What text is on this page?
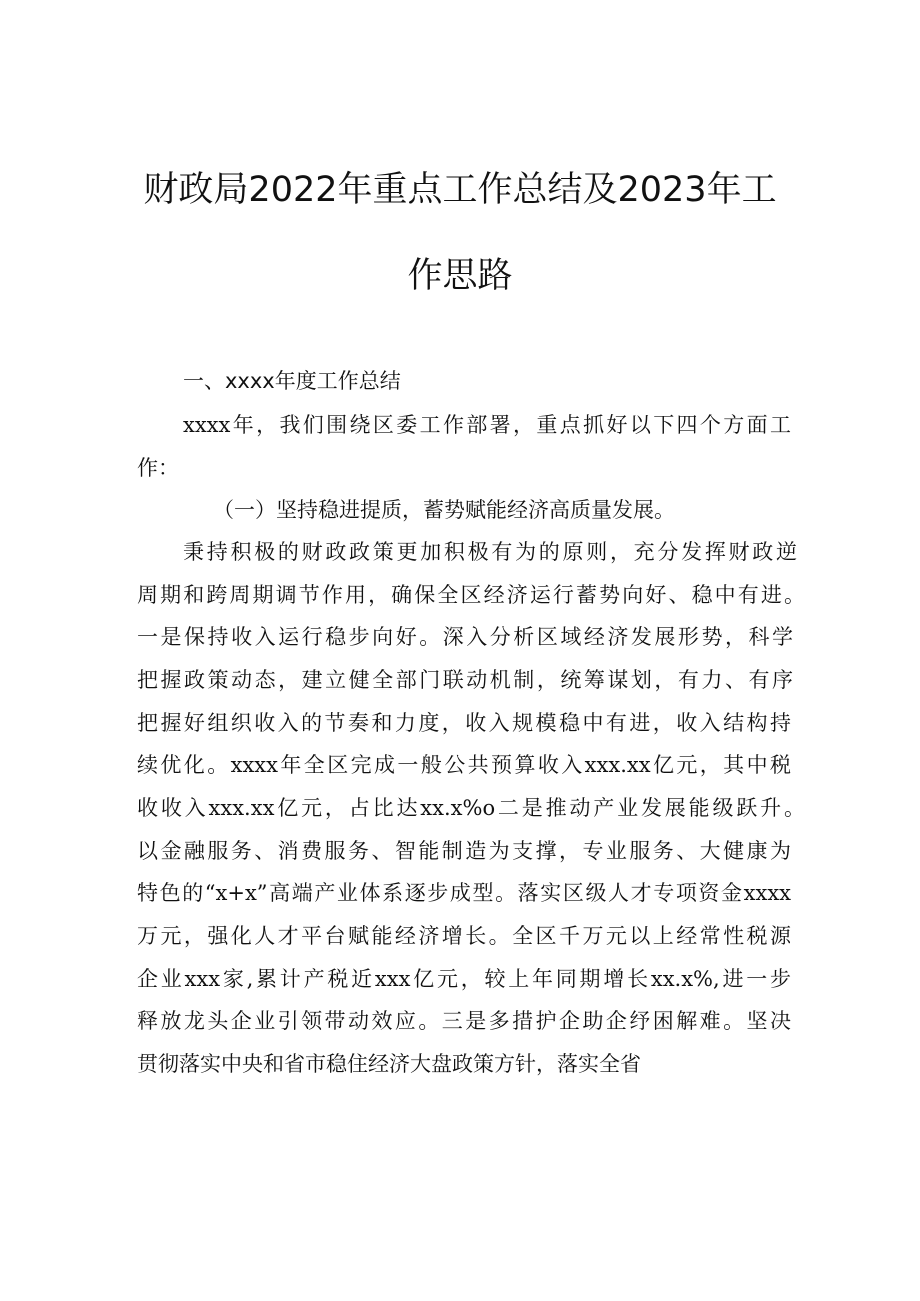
财政局2022年重点工作总结及2023年工
作思路
一、xxxx年度工作总结
xxxx年，我们围绕区委工作部署，重点抓好以下四个方面工
作：
（一）坚持稳进提质，蓄势赋能经济高质量发展。
秉持积极的财政政策更加积极有为的原则，充分发挥财政逆
周期和跨周期调节作用，确保全区经济运行蓄势向好、稳中有进。
一是保持收入运行稳步向好。深入分析区域经济发展形势，科学
把握政策动态，建立健全部门联动机制，统筹谋划，有力、有序
把握好组织收入的节奏和力度，收入规模稳中有进，收入结构持
续优化。xxxx年全区完成一般公共预算收入xxx.xx亿元，其中税
收收入xxx.xx亿元，占比达xx.x%o二是推动产业发展能级跃升。
以金融服务、消费服务、智能制造为支撑，专业服务、大健康为
特色的“x+x”高端产业体系逐步成型。落实区级人才专项资金xxxx
万元，强化人才平台赋能经济增长。全区千万元以上经常性税源
企业xxx家,累计产税近xxx亿元，较上年同期增长xx.x%,进一步
释放龙头企业引领带动效应。三是多措护企助企纾困解难。坚决
贯彻落实中央和省市稳住经济大盘政策方针，落实全省
